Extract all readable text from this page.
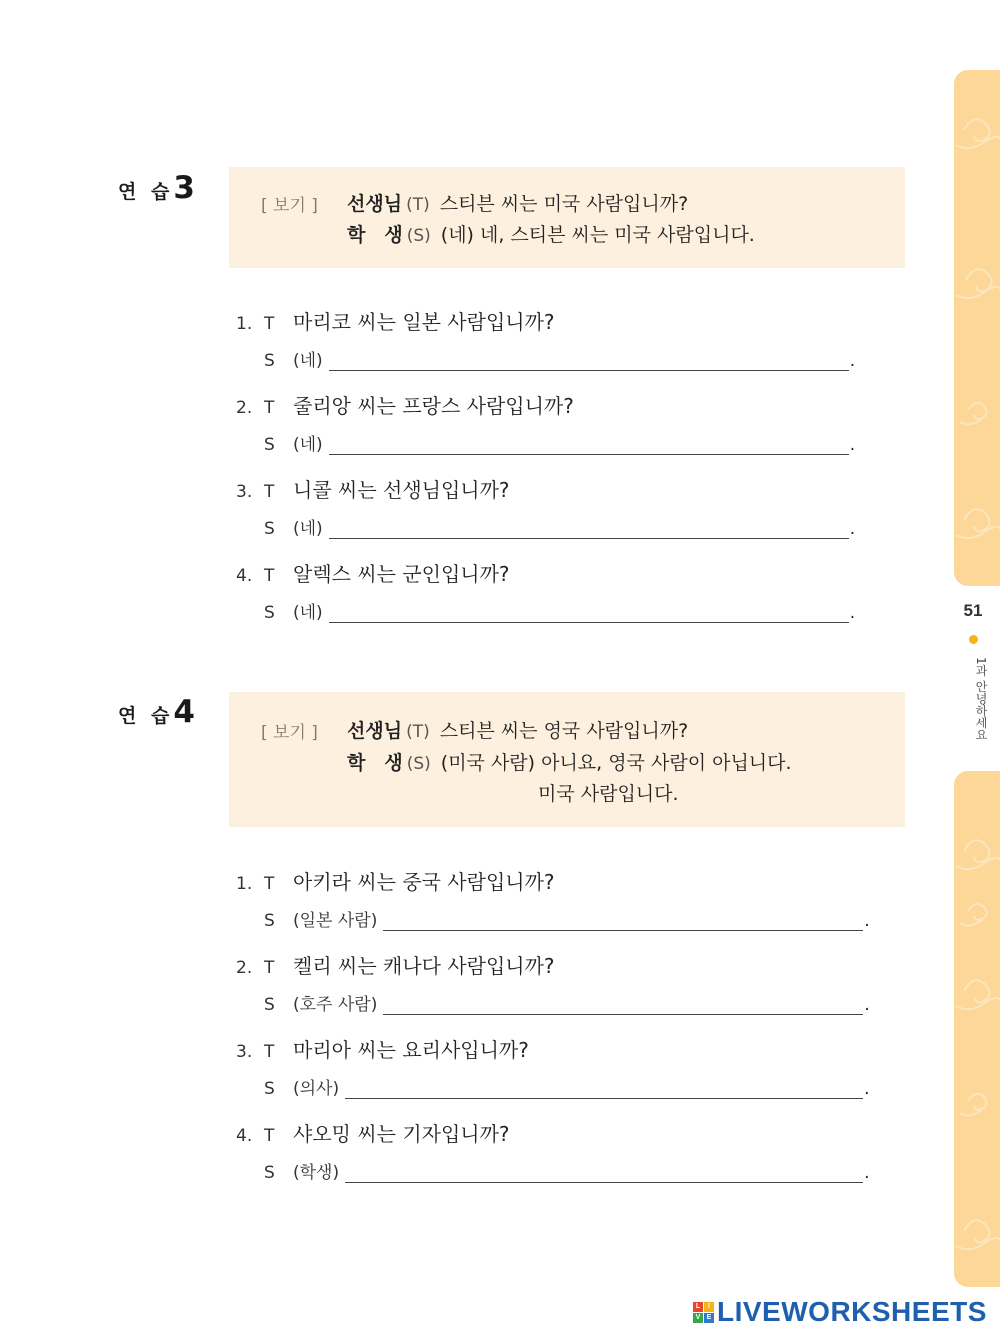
연 습3	[ 보기 ] 선생님 (T) 스티븐 씨는 미국 사람입니까?
학　생 (S) (네) 네, 스티븐 씨는 미국 사람입니다.
1. T 마리코 씨는 일본 사람입니까?
S	(네)	.
2. T 줄리앙 씨는 프랑스 사람입니까?
S	(네)	.
3. T 니콜 씨는 선생님입니까?
S	(네)	.
4. T 알렉스 씨는 군인입니까?
S	(네)	.
연 습4
[ 보기 ] 선생님 (T) 스티븐 씨는 영국 사람입니까?
학　생 (S) (미국 사람) 아니요, 영국 사람이 아닙니다.
미국 사람입니다.
1. T 아키라 씨는 중국 사람입니까?
S	(일본 사람)	.
2. T 켈리 씨는 캐나다 사람입니까?
S	(호주 사람)	.
3. T 마리아 씨는 요리사입니까?
S	(의사)	.
4. T 샤오밍 씨는 기자입니까?
S	(학생)	.
51
1과 안녕하세요
L	I
V E LIVEWORKSHEETS
